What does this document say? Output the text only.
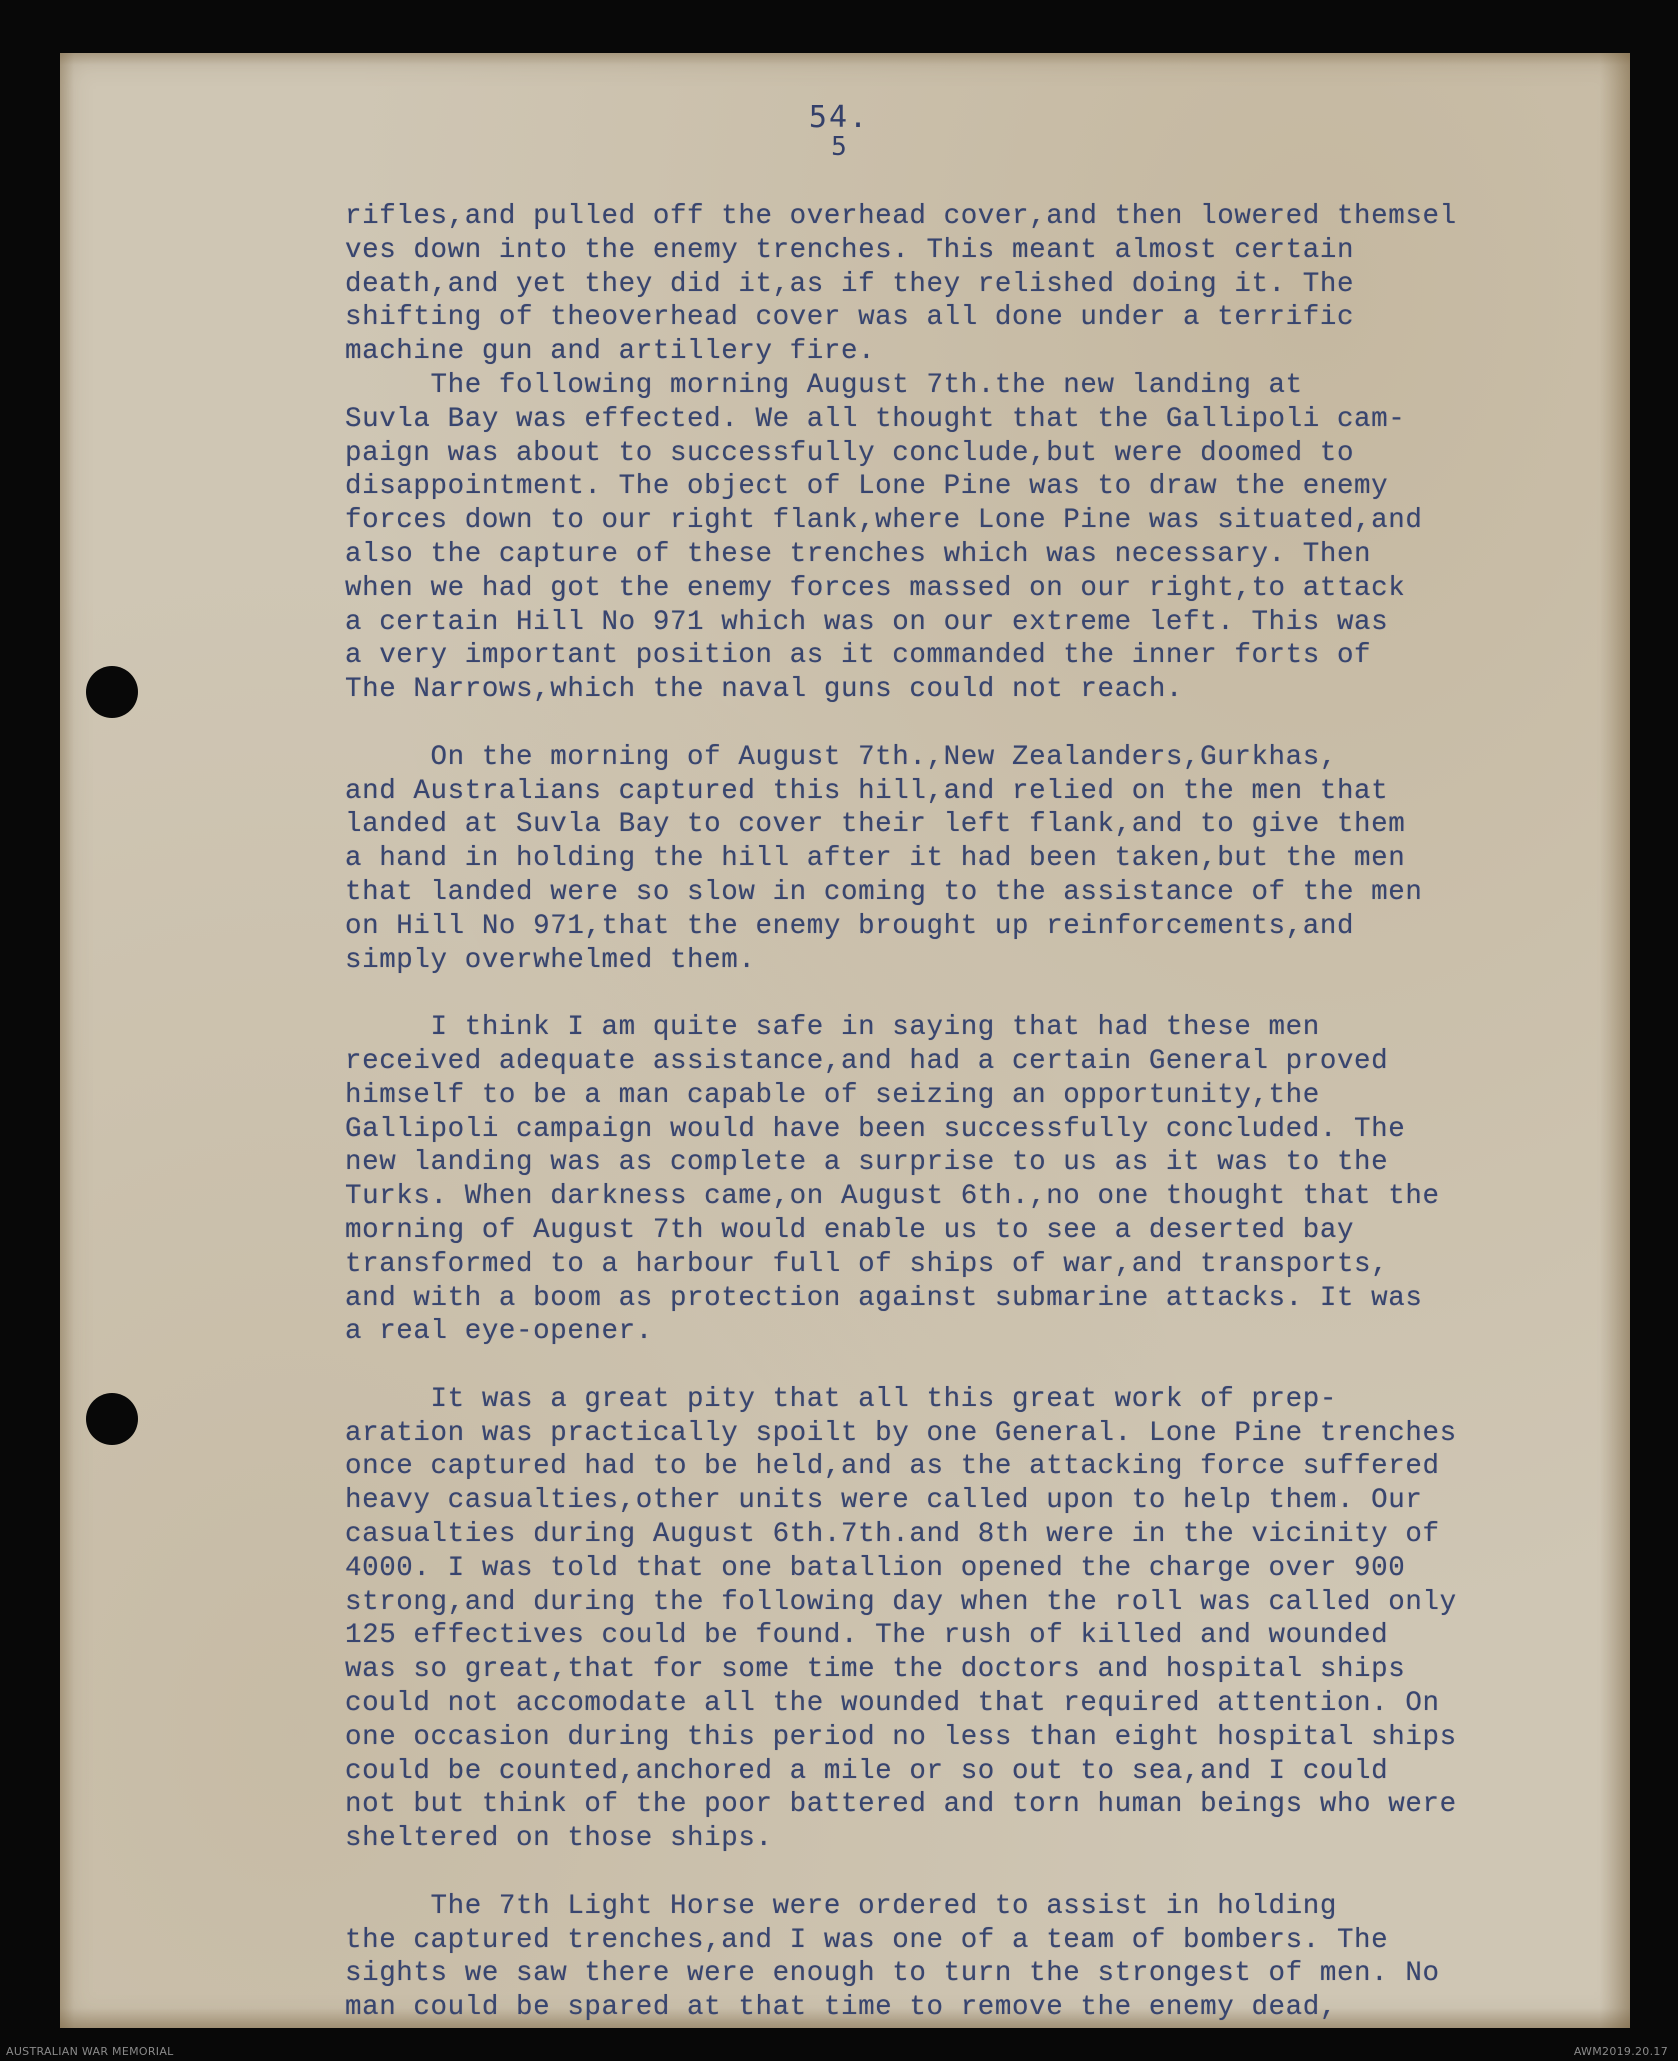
54.
5
rifles,and pulled off the overhead cover,and then lowered themsel
ves down into the enemy trenches. This meant almost certain
death,and yet they did it,as if they relished doing it. The
shifting of theoverhead cover was all done under a terrific
machine gun and artillery fire.
The following morning August 7th.the new landing at
Suvla Bay was effected. We all thought that the Gallipoli cam-
paign was about to successfully conclude,but were doomed to
disappointment. The object of Lone Pine was to draw the enemy
forces down to our right flank,where Lone Pine was situated,and
also the capture of these trenches which was necessary. Then
when we had got the enemy forces massed on our right,to attack
a certain Hill No 971 which was on our extreme left. This was
a very important position as it commanded the inner forts of
The Narrows,which the naval guns could not reach.
On the morning of August 7th.,New Zealanders,Gurkhas,
and Australians captured this hill,and relied on the men that
landed at Suvla Bay to cover their left flank,and to give them
a hand in holding the hill after it had been taken,but the men
that landed were so slow in coming to the assistance of the men
on Hill No 971,that the enemy brought up reinforcements,and
simply overwhelmed them.
I think I am quite safe in saying that had these men
received adequate assistance,and had a certain General proved
himself to be a man capable of seizing an opportunity,the
Gallipoli campaign would have been successfully concluded. The
new landing was as complete a surprise to us as it was to the
Turks. When darkness came,on August 6th.,no one thought that the
morning of August 7th would enable us to see a deserted bay
transformed to a harbour full of ships of war,and transports,
and with a boom as protection against submarine attacks. It was
a real eye-opener.
It was a great pity that all this great work of prep-
aration was practically spoilt by one General. Lone Pine trenches
once captured had to be held,and as the attacking force suffered
heavy casualties,other units were called upon to help them. Our
casualties during August 6th.7th.and 8th were in the vicinity of
4000. I was told that one batallion opened the charge over 900
strong,and during the following day when the roll was called only
125 effectives could be found. The rush of killed and wounded
was so great,that for some time the doctors and hospital ships
could not accomodate all the wounded that required attention. On
one occasion during this period no less than eight hospital ships
could be counted,anchored a mile or so out to sea,and I could
not but think of the poor battered and torn human beings who were
sheltered on those ships.
The 7th Light Horse were ordered to assist in holding
the captured trenches,and I was one of a team of bombers. The
sights we saw there were enough to turn the strongest of men. No
man could be spared at that time to remove the enemy dead,
AUSTRALIAN WAR MEMORIAL	AWM2019.20.17
